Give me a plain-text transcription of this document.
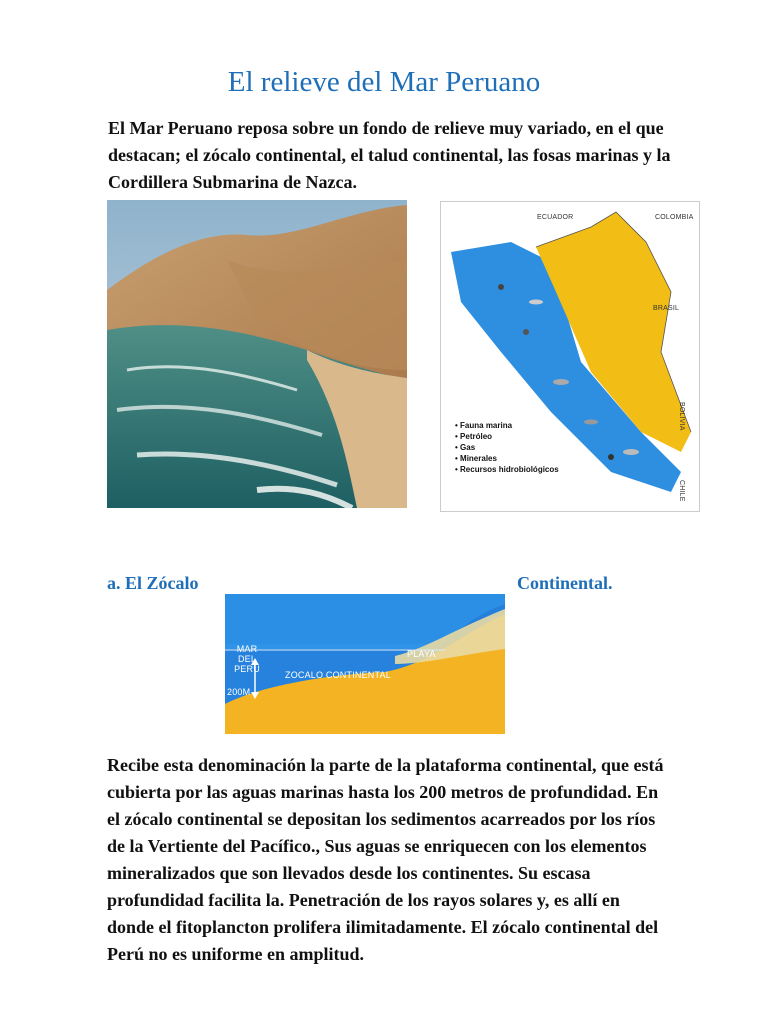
El relieve del Mar Peruano

El Mar Peruano reposa sobre un fondo de relieve muy variado, en el que destacan; el zócalo continental, el talud continental, las fosas marinas y la Cordillera Submarina de Nazca.

ECUADOR	COLOMBIA
BRASIL
BOLIVIA
CHILE
• Fauna marina
• Petróleo
• Gas
• Minerales
• Recursos hidrobiológicos
a. El Zócalo	Continental.
MAR DEL PERU
PLAYA
ZOCALO CONTINENTAL
200M

Recibe esta denominación la parte de la plataforma continental, que está cubierta por las aguas marinas hasta los 200 metros de profundidad. En el zócalo continental se depositan los sedimentos acarreados por los ríos de la Vertiente del Pacífico., Sus aguas se enriquecen con los elementos mineralizados que son llevados desde los continentes. Su escasa profundidad facilita la. Penetración de los rayos solares y, es allí en donde el fitoplancton prolifera ilimitadamente. El zócalo continental del Perú no es uniforme en amplitud.
